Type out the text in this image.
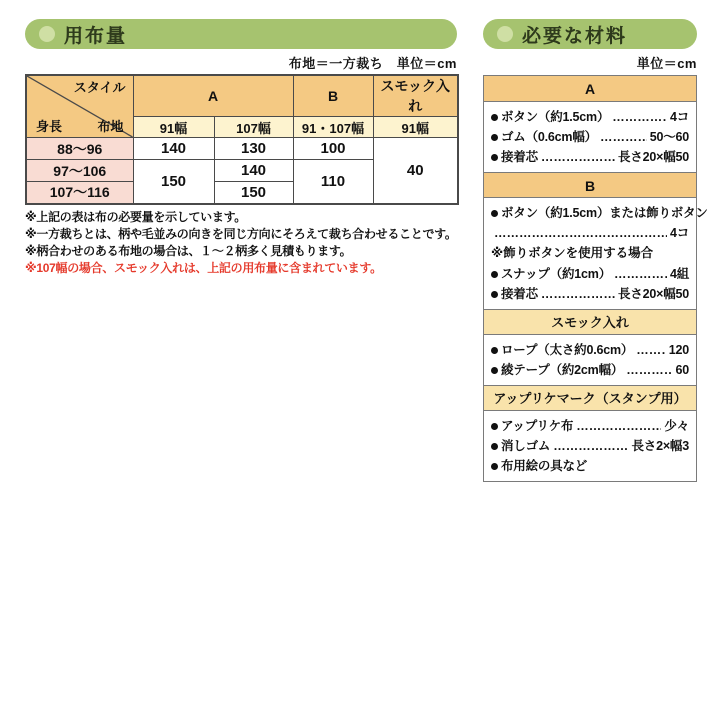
用布量
布地＝一方裁ち　単位＝cm
スタイル
布地
身長	A		B	スモック入れ
	91幅	107幅	91・107幅	91幅
88～96	140	130	100	40
97～106	150	140	110	
107～116		150		
※上記の表は布の必要量を示しています。
※一方裁ちとは、柄や毛並みの向きを同じ方向にそろえて裁ち合わせることです。
※柄合わせのある布地の場合は、１～２柄多く見積もります。
※107幅の場合、スモック入れは、上記の用布量に含まれています。
必要な材料
単位＝cm
A
ボタン（約1.5cm） ………………………………………………………………………	4コ
ゴム（0.6cm幅） ………………………………………………………………………	50～60
接着芯 ………………………………………………………………………	長さ20×幅50
B
ボタン（約1.5cm）または飾りボタン
………………………………………………………………………
4コ
※飾りボタンを使用する場合
スナップ（約1cm） ………………………………………………………………………	4組
接着芯 ………………………………………………………………………	長さ20×幅50
スモック入れ
ロープ（太さ約0.6cm） ………………………………………………………………………	120
綾テープ（約2cm幅） ………………………………………………………………………	60
アップリケマーク（スタンプ用）
アップリケ布 ………………………………………………………………………	少々
消しゴム ………………………………………………………………………	長さ2×幅3
布用絵の具など
